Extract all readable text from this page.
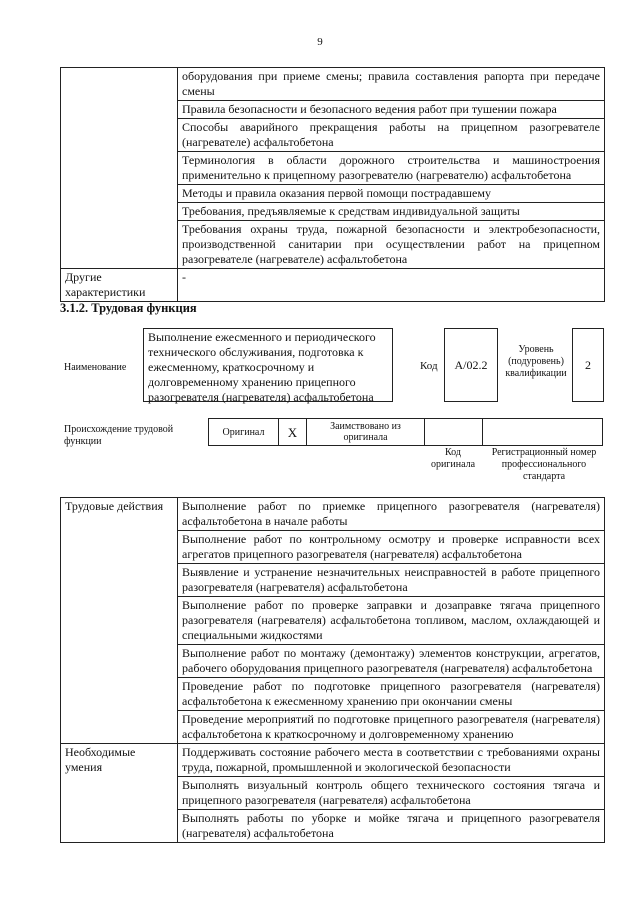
9
	оборудования при приеме смены; правила составления рапорта при передаче смены
	Правила безопасности и безопасного ведения работ при тушении пожара
	Способы аварийного прекращения работы на прицепном разогревателе (нагревателе) асфальтобетона
	Терминология в области дорожного строительства и машиностроения применительно к прицепному разогревателю (нагревателю) асфальтобетона
	Методы и правила оказания первой помощи пострадавшему
	Требования, предъявляемые к средствам индивидуальной защиты
	Требования охраны труда, пожарной безопасности и электробезопасности, производственной санитарии при осуществлении работ на прицепном разогревателе (нагревателе) асфальтобетона
Другие характеристики	-
3.1.2. Трудовая функция
Наименование
Выполнение ежесменного и периодического технического обслуживания, подготовка к ежесменному, краткосрочному и долговременному хранению прицепного разогревателя (нагревателя) асфальтобетона
Код A/02.2
Уровень (подуровень) квалификации
2
Происхождение трудовой функции
Оригинал	X	Заимствовано из оригинала		
Код оригинала
Регистрационный номер профессионального стандарта
Трудовые действия	Выполнение работ по приемке прицепного разогревателя (нагревателя) асфальтобетона в начале работы
	Выполнение работ по контрольному осмотру и проверке исправности всех агрегатов прицепного разогревателя (нагревателя) асфальтобетона
	Выявление и устранение незначительных неисправностей в работе прицепного разогревателя (нагревателя) асфальтобетона
	Выполнение работ по проверке заправки и дозаправке тягача прицепного разогревателя (нагревателя) асфальтобетона топливом, маслом, охлаждающей и специальными жидкостями
	Выполнение работ по монтажу (демонтажу) элементов конструкции, агрегатов, рабочего оборудования прицепного разогревателя (нагревателя) асфальтобетона
	Проведение работ по подготовке прицепного разогревателя (нагревателя) асфальтобетона к ежесменному хранению при окончании смены
	Проведение мероприятий по подготовке прицепного разогревателя (нагревателя) асфальтобетона к краткосрочному и долговременному хранению
Необходимые умения	Поддерживать состояние рабочего места в соответствии с требованиями охраны труда, пожарной, промышленной и экологической безопасности
	Выполнять визуальный контроль общего технического состояния тягача и прицепного разогревателя (нагревателя) асфальтобетона
	Выполнять работы по уборке и мойке тягача и прицепного разогревателя (нагревателя) асфальтобетона
